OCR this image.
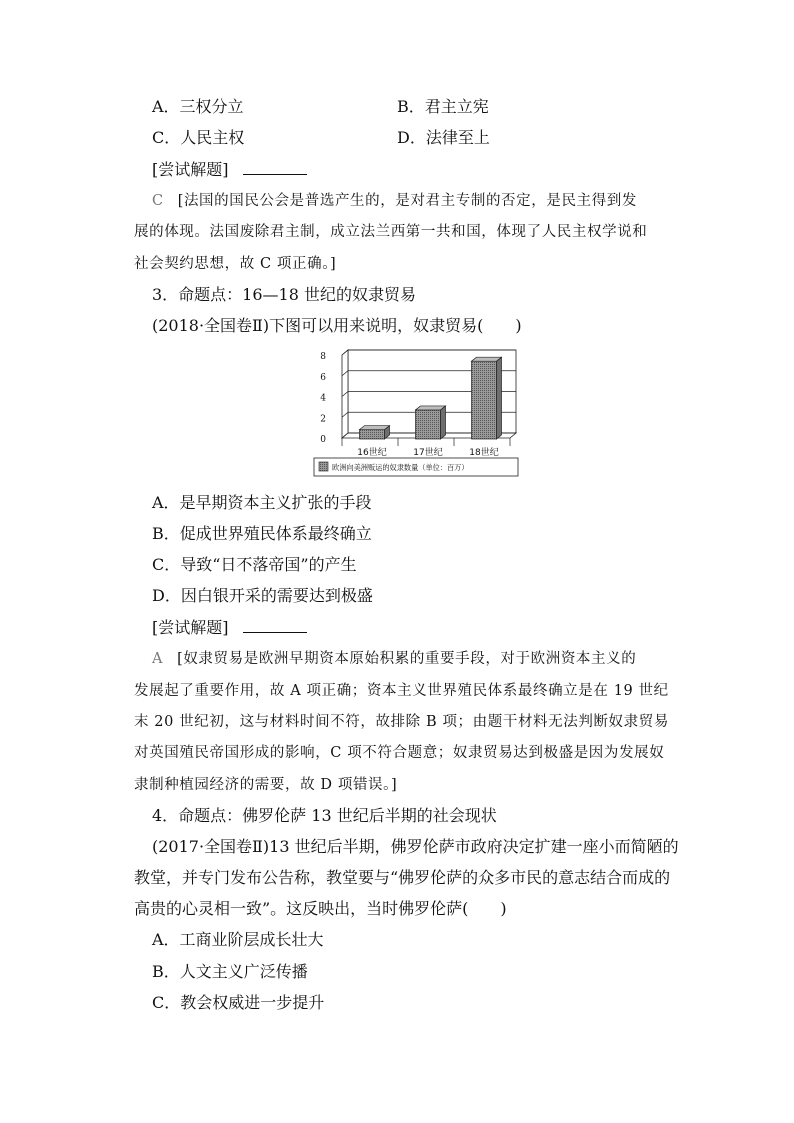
A．三权分立	B．君主立宪
C．人民主权	D．法律至上
[尝试解题]
C [法国的国民公会是普选产生的，是对君主专制的否定，是民主得到发
展的体现。法国废除君主制，成立法兰西第一共和国，体现了人民主权学说和
社会契约思想，故 C 项正确。]
3．命题点：16—18 世纪的奴隶贸易
(2018·全国卷Ⅱ)下图可以用来说明，奴隶贸易(　　)
0
2
4
6
8
16世纪	17世纪	18世纪
欧洲向美洲贩运的奴隶数量（单位：百万）
A．是早期资本主义扩张的手段
B．促成世界殖民体系最终确立
C．导致“日不落帝国”的产生
D．因白银开采的需要达到极盛
[尝试解题]
A [奴隶贸易是欧洲早期资本原始积累的重要手段，对于欧洲资本主义的
发展起了重要作用，故 A 项正确；资本主义世界殖民体系最终确立是在 19 世纪
末 20 世纪初，这与材料时间不符，故排除 B 项；由题干材料无法判断奴隶贸易
对英国殖民帝国形成的影响，C 项不符合题意；奴隶贸易达到极盛是因为发展奴
隶制种植园经济的需要，故 D 项错误。]
4．命题点：佛罗伦萨 13 世纪后半期的社会现状
(2017·全国卷Ⅱ)13 世纪后半期，佛罗伦萨市政府决定扩建一座小而简陋的
教堂，并专门发布公告称，教堂要与“佛罗伦萨的众多市民的意志结合而成的
高贵的心灵相一致”。这反映出，当时佛罗伦萨(　　)
A．工商业阶层成长壮大
B．人文主义广泛传播
C．教会权威进一步提升
